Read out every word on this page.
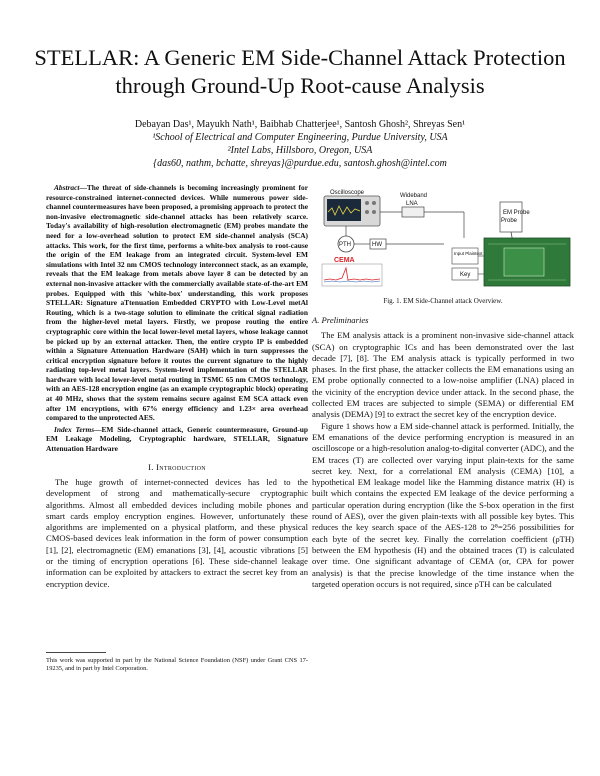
STELLAR: A Generic EM Side-Channel Attack Protection through Ground-Up Root-cause Analysis
Debayan Das¹, Mayukh Nath¹, Baibhab Chatterjee¹, Santosh Ghosh², Shreyas Sen¹
¹School of Electrical and Computer Engineering, Purdue University, USA
²Intel Labs, Hillsboro, Oregon, USA
{das60, nathm, bchatte, shreyas}@purdue.edu, santosh.ghosh@intel.com

Abstract—The threat of side-channels is becoming increasingly prominent for resource-constrained internet-connected devices. While numerous power side-channel countermeasures have been proposed, a promising approach to protect the non-invasive electromagnetic side-channel attacks has been relatively scarce. Today's availability of high-resolution electromagnetic (EM) probes mandate the need for a low-overhead solution to protect EM side-channel analysis (SCA) attacks. This work, for the first time, performs a white-box analysis to root-cause the origin of the EM leakage from an integrated circuit. System-level EM simulations with Intel 32 nm CMOS technology interconnect stack, as an example, reveals that the EM leakage from metals above layer 8 can be detected by an external non-invasive attacker with the commercially available state-of-the-art EM probes. Equipped with this 'white-box' understanding, this work proposes STELLAR: Signature aTtenuation Embedded CRYPTO with Low-Level metAl Routing, which is a two-stage solution to eliminate the critical signal radiation from the higher-level metal layers. Firstly, we propose routing the entire cryptographic core within the local lower-level metal layers, whose leakage cannot be picked up by an external attacker. Then, the entire crypto IP is embedded within a Signature Attenuation Hardware (SAH) which in turn suppresses the critical encryption signature before it routes the current signature to the highly radiating top-level metal layers. System-level implementation of the STELLAR hardware with local lower-level metal routing in TSMC 65 nm CMOS technology, with an AES-128 encryption engine (as an example cryptographic block) operating at 40 MHz, shows that the system remains secure against EM SCA attack even after 1M encryptions, with 67% energy efficiency and 1.23× area overhead compared to the unprotected AES.

Index Terms—EM Side-channel attack, Generic countermeasure, Ground-up EM Leakage Modeling, Cryptographic hardware, STELLAR, Signature Attenuation Hardware

I. Introduction

The huge growth of internet-connected devices has led to the development of strong and mathematically-secure cryptographic algorithms. Almost all embedded devices including mobile phones and smart cards employ encryption engines. However, unfortunately these algorithms are implemented on a physical platform, and these physical CMOS-based devices leak information in the form of power consumption [1], [2], electromagnetic (EM) emanations [3], [4], acoustic vibrations [5] or the timing of encryption operations [6]. These side-channel leakage information can be exploited by attackers to extract the secret key from an encryption device.

This work was supported in part by the National Science Foundation (NSF) under Grant CNS 17-19235, and in part by Intel Corporation.
Oscilloscope	Wideband
LNA
EM Probe
Probe
PTH	HW
CEMA
Input Plaintext
Key
Fig. 1. EM Side-Channel attack Overview.
A. Preliminaries

The EM analysis attack is a prominent non-invasive side-channel attack (SCA) on cryptographic ICs and has been demonstrated over the last decade [7], [8]. The EM analysis attack is typically performed in two phases. In the first phase, the attacker collects the EM emanations using an EM probe optionally connected to a low-noise amplifier (LNA) placed in the vicinity of the encryption device under attack. In the second phase, the collected EM traces are subjected to simple (SEMA) or differential EM analysis (DEMA) [9] to extract the secret key of the encryption device.

Figure 1 shows how a EM side-channel attack is performed. Initially, the EM emanations of the device performing encryption is measured in an oscilloscope or a high-resolution analog-to-digital converter (ADC), and the EM traces (T) are collected over varying input plain-texts for the same secret key. Next, for a correlational EM analysis (CEMA) [10], a hypothetical EM leakage model like the Hamming distance matrix (H) is built which contains the expected EM leakage of the device performing a particular operation during encryption (like the S-box operation in the first round of AES), over the given plain-texts with all possible key bytes. This reduces the key search space of the AES-128 to 2⁸=256 possibilities for each byte of the secret key. Finally the correlation coefficient (ρTH) between the EM hypothesis (H) and the obtained traces (T) is calculated over time. One significant advantage of CEMA (or, CPA for power analysis) is that the precise knowledge of the time instance when the targeted operation occurs is not required, since ρTH can be calculated
